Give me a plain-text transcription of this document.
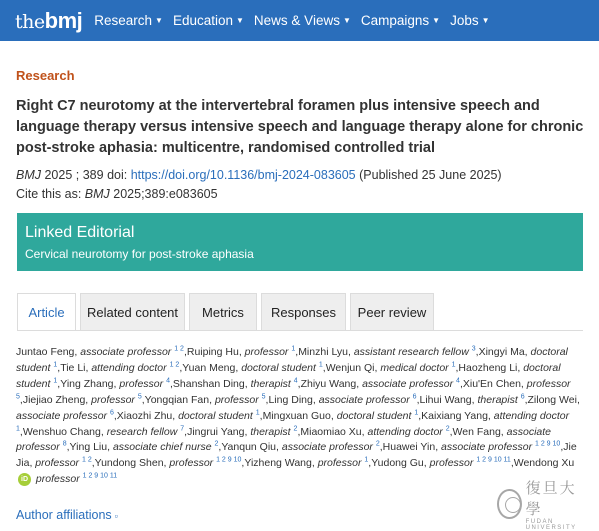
the bmj Research ▼ Education ▼ News & Views ▼ Campaigns ▼ Jobs ▼
Research
Right C7 neurotomy at the intervertebral foramen plus intensive speech and language therapy versus intensive speech and language therapy alone for chronic post-stroke aphasia: multicentre, randomised controlled trial
BMJ 2025 ; 389 doi: https://doi.org/10.1136/bmj-2024-083605 (Published 25 June 2025)
Cite this as: BMJ 2025;389:e083605
Linked Editorial
Cervical neurotomy for post-stroke aphasia
Article	Related content	Metrics	Responses	Peer review
Juntao Feng, associate professor $^{1 2}$,Ruiping Hu, professor $^1$,Minzhi Lyu, assistant research fellow $^3$,Xingyi Ma, doctoral student $^1$,Tie Li, attending doctor $^{1 2}$,Yuan Meng, doctoral student $^1$,Wenjun Qi, medical doctor $^1$,Haozheng Li, doctoral student $^1$,Ying Zhang, professor $^4$,Shanshan Ding, therapist $^4$,Zhiyu Wang, associate professor $^4$,Xiu'En Chen, professor $^5$,Jiejiao Zheng, professor $^5$,Yongqian Fan, professor $^5$,Ling Ding, associate professor $^6$,Lihui Wang, therapist $^6$,Zilong Wei, associate professor $^6$,Xiaozhi Zhu, doctoral student $^1$,Mingxuan Guo, doctoral student $^1$,Kaixiang Yang, attending doctor $^1$,Wenshuo Chang, research fellow $^7$,Jingrui Yang, therapist $^2$,Miaomiao Xu, attending doctor $^2$,Wen Fang, associate professor $^8$,Ying Liu, associate chief nurse $^2$,Yanqun Qiu, associate professor $^2$,Huawei Yin, associate professor $^{1 2 9 10}$,Jie Jia, professor $^{1 2}$,Yundong Shen, professor $^{1 2 9 10}$,Yizheng Wang, professor $^1$,Yudong Gu, professor $^{1 2 9 10 11}$,Wendong Xu iD professor $^{1 2 9 10 11}$
Author affiliations ▫
復旦大學
FUDAN UNIVERSITY
